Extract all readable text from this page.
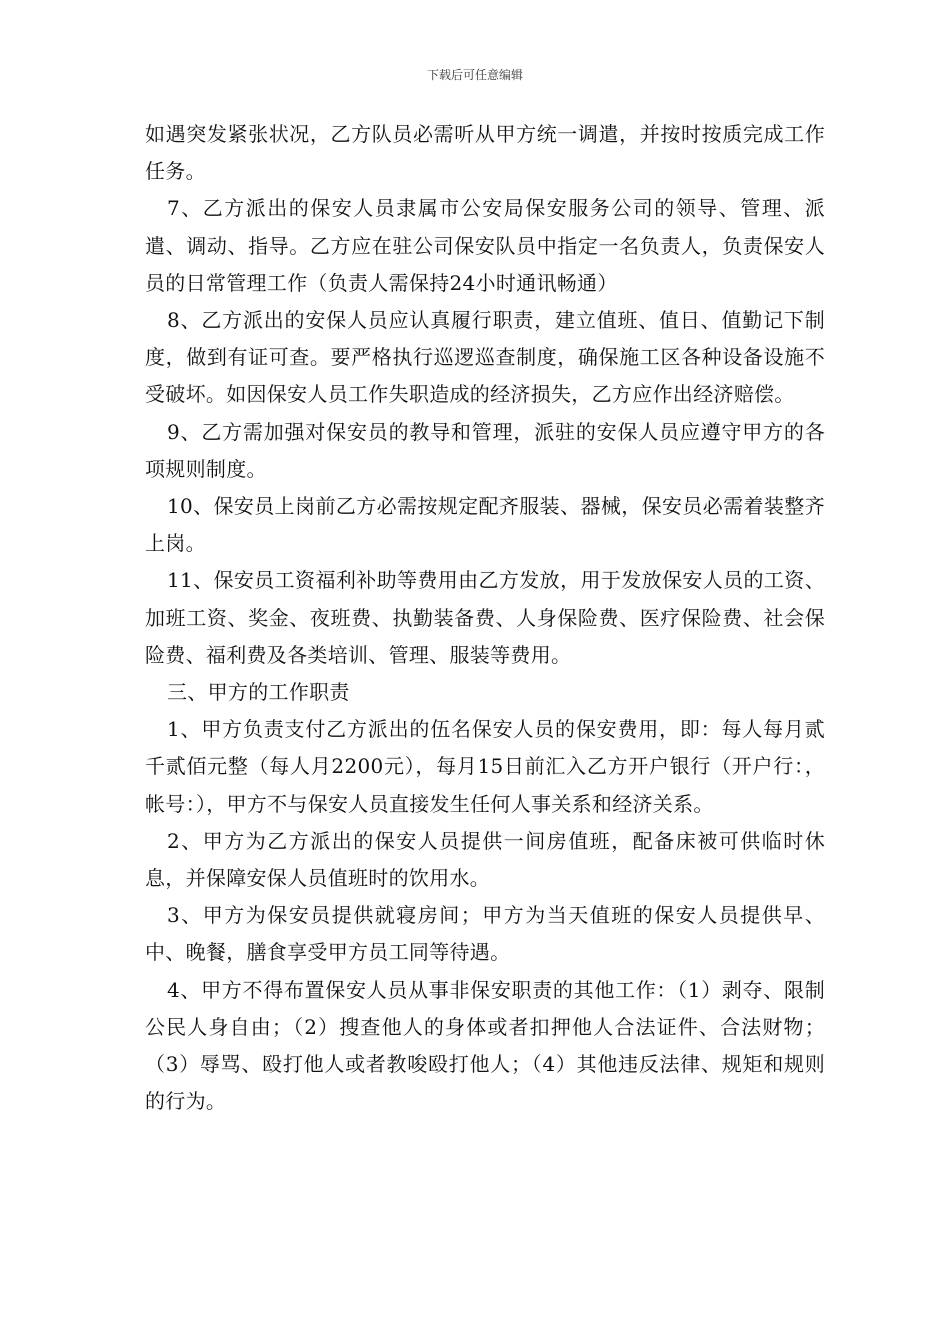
下载后可任意编辑

如遇突发紧张状况，乙方队员必需听从甲方统一调遣，并按时按质完成工作任务。

7、乙方派出的保安人员隶属市公安局保安服务公司的领导、管理、派遣、调动、指导。乙方应在驻公司保安队员中指定一名负责人，负责保安人员的日常管理工作（负责人需保持24小时通讯畅通）

8、乙方派出的安保人员应认真履行职责，建立值班、值日、值勤记下制度，做到有证可查。要严格执行巡逻巡查制度，确保施工区各种设备设施不受破坏。如因保安人员工作失职造成的经济损失，乙方应作出经济赔偿。

9、乙方需加强对保安员的教导和管理，派驻的安保人员应遵守甲方的各项规则制度。

10、保安员上岗前乙方必需按规定配齐服装、器械，保安员必需着装整齐上岗。

11、保安员工资福利补助等费用由乙方发放，用于发放保安人员的工资、加班工资、奖金、夜班费、执勤装备费、人身保险费、医疗保险费、社会保险费、福利费及各类培训、管理、服装等费用。

三、甲方的工作职责

1、甲方负责支付乙方派出的伍名保安人员的保安费用，即：每人每月贰千贰佰元整（每人月2200元），每月15日前汇入乙方开户银行（开户行：，帐号：），甲方不与保安人员直接发生任何人事关系和经济关系。

2、甲方为乙方派出的保安人员提供一间房值班，配备床被可供临时休息，并保障安保人员值班时的饮用水。

3、甲方为保安员提供就寝房间；甲方为当天值班的保安人员提供早、中、晚餐，膳食享受甲方员工同等待遇。

4、甲方不得布置保安人员从事非保安职责的其他工作：（1）剥夺、限制公民人身自由；（2）搜查他人的身体或者扣押他人合法证件、合法财物；（3）辱骂、殴打他人或者教唆殴打他人；（4）其他违反法律、规矩和规则的行为。
